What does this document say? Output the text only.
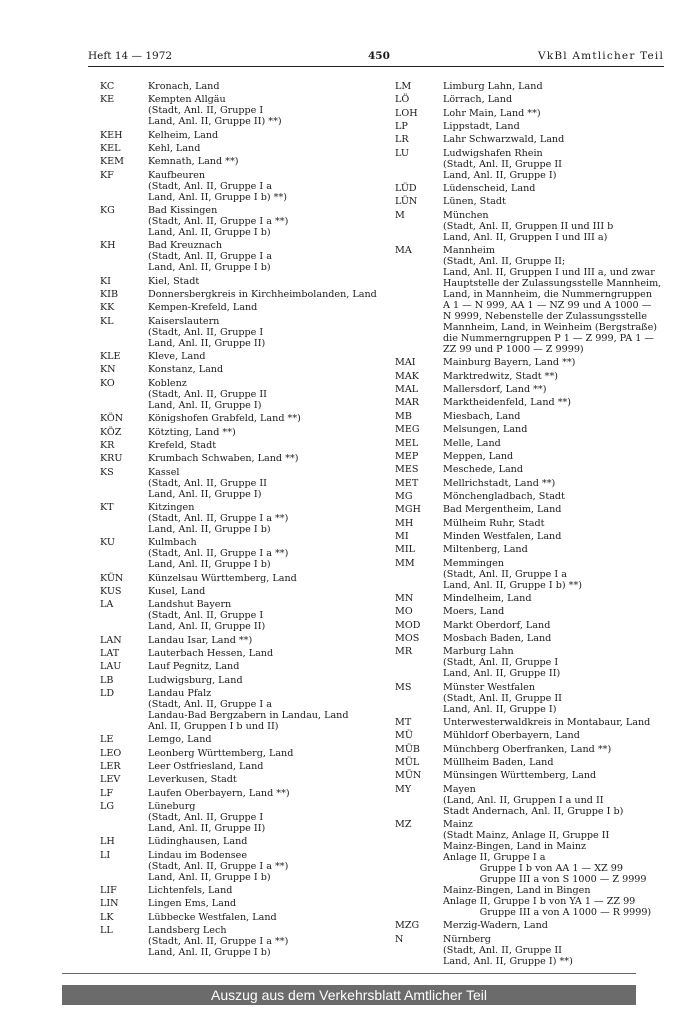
Heft 14 — 1972	450	VkBl Amtlicher Teil
KC	Kronach, Land
KE	Kempten Allgäu
(Stadt, Anl. II, Gruppe I
Land, Anl. II, Gruppe II) **)
KEH	Kelheim, Land
KEL	Kehl, Land
KEM	Kemnath, Land **)
KF	Kaufbeuren
(Stadt, Anl. II, Gruppe I a
Land, Anl. II, Gruppe I b) **)
KG	Bad Kissingen
(Stadt, Anl. II, Gruppe I a **)
Land, Anl. II, Gruppe I b)
KH	Bad Kreuznach
(Stadt, Anl. II, Gruppe I a
Land, Anl. II, Gruppe I b)
KI	Kiel, Stadt
KIB	Donnersbergkreis in Kirchheimbolanden, Land
KK	Kempen-Krefeld, Land
KL	Kaiserslautern
(Stadt, Anl. II, Gruppe I
Land, Anl. II, Gruppe II)
KLE	Kleve, Land
KN	Konstanz, Land
KO	Koblenz
(Stadt, Anl. II, Gruppe II
Land, Anl. II, Gruppe I)
KÖN	Königshofen Grabfeld, Land **)
KÖZ	Kötzting, Land **)
KR	Krefeld, Stadt
KRU	Krumbach Schwaben, Land **)
KS	Kassel
(Stadt, Anl. II, Gruppe II
Land, Anl. II, Gruppe I)
KT	Kitzingen
(Stadt, Anl. II, Gruppe I a **)
Land, Anl. II, Gruppe I b)
KU	Kulmbach
(Stadt, Anl. II, Gruppe I a **)
Land, Anl. II, Gruppe I b)
KÜN	Künzelsau Württemberg, Land
KUS	Kusel, Land
LA	Landshut Bayern
(Stadt, Anl. II, Gruppe I
Land, Anl. II, Gruppe II)
LAN	Landau Isar, Land **)
LAT	Lauterbach Hessen, Land
LAU	Lauf Pegnitz, Land
LB	Ludwigsburg, Land
LD	Landau Pfalz
(Stadt, Anl. II, Gruppe I a
Landau-Bad Bergzabern in Landau, Land
Anl. II, Gruppen I b und II)
LE	Lemgo, Land
LEO	Leonberg Württemberg, Land
LER	Leer Ostfriesland, Land
LEV	Leverkusen, Stadt
LF	Laufen Oberbayern, Land **)
LG	Lüneburg
(Stadt, Anl. II, Gruppe I
Land, Anl. II, Gruppe II)
LH	Lüdinghausen, Land
LI	Lindau im Bodensee
(Stadt, Anl. II, Gruppe I a **)
Land, Anl. II, Gruppe I b)
LIF	Lichtenfels, Land
LIN	Lingen Ems, Land
LK	Lübbecke Westfalen, Land
LL	Landsberg Lech
(Stadt, Anl. II, Gruppe I a **)
Land, Anl. II, Gruppe I b)
LM	Limburg Lahn, Land
LÖ	Lörrach, Land
LOH	Lohr Main, Land **)
LP	Lippstadt, Land
LR	Lahr Schwarzwald, Land
LU	Ludwigshafen Rhein
(Stadt, Anl. II, Gruppe II
Land, Anl. II, Gruppe I)
LÜD	Lüdenscheid, Land
LÜN	Lünen, Stadt
M	München
(Stadt, Anl. II, Gruppen II und III b
Land, Anl. II, Gruppen I und III a)
MA	Mannheim
(Stadt, Anl. II, Gruppe II;
Land, Anl. II, Gruppen I und III a, und zwar
Hauptstelle der Zulassungsstelle Mannheim,
Land, in Mannheim, die Nummerngruppen
A 1 — N 999, AA 1 — NZ 99 und A 1000 —
N 9999, Nebenstelle der Zulassungsstelle
Mannheim, Land, in Weinheim (Bergstraße)
die Nummerngruppen P 1 — Z 999, PA 1 —
ZZ 99 und P 1000 — Z 9999)
MAI	Mainburg Bayern, Land **)
MAK	Marktredwitz, Stadt **)
MAL	Mallersdorf, Land **)
MAR	Marktheidenfeld, Land **)
MB	Miesbach, Land
MEG	Melsungen, Land
MEL	Melle, Land
MEP	Meppen, Land
MES	Meschede, Land
MET	Mellrichstadt, Land **)
MG	Mönchengladbach, Stadt
MGH	Bad Mergentheim, Land
MH	Mülheim Ruhr, Stadt
MI	Minden Westfalen, Land
MIL	Miltenberg, Land
MM	Memmingen
(Stadt, Anl. II, Gruppe I a
Land, Anl. II, Gruppe I b) **)
MN	Mindelheim, Land
MO	Moers, Land
MOD	Markt Oberdorf, Land
MOS	Mosbach Baden, Land
MR	Marburg Lahn
(Stadt, Anl. II, Gruppe I
Land, Anl. II, Gruppe II)
MS	Münster Westfalen
(Stadt, Anl. II, Gruppe II
Land, Anl. II, Gruppe I)
MT	Unterwesterwaldkreis in Montabaur, Land
MÜ	Mühldorf Oberbayern, Land
MÜB	Münchberg Oberfranken, Land **)
MÜL	Müllheim Baden, Land
MÜN	Münsingen Württemberg, Land
MY	Mayen
(Land, Anl. II, Gruppen I a und II
Stadt Andernach, Anl. II, Gruppe I b)
MZ	Mainz
(Stadt Mainz, Anlage II, Gruppe II
Mainz-Bingen, Land in Mainz
Anlage II, Gruppe I a
Gruppe I b von AA 1 — XZ 99
Gruppe III a von S 1000 — Z 9999
Mainz-Bingen, Land in Bingen
Anlage II, Gruppe I b von YA 1 — ZZ 99
Gruppe III a von A 1000 — R 9999)
MZG	Merzig-Wadern, Land
N	Nürnberg
(Stadt, Anl. II, Gruppe II
Land, Anl. II, Gruppe I) **)
Auszug aus dem Verkehrsblatt Amtlicher Teil
